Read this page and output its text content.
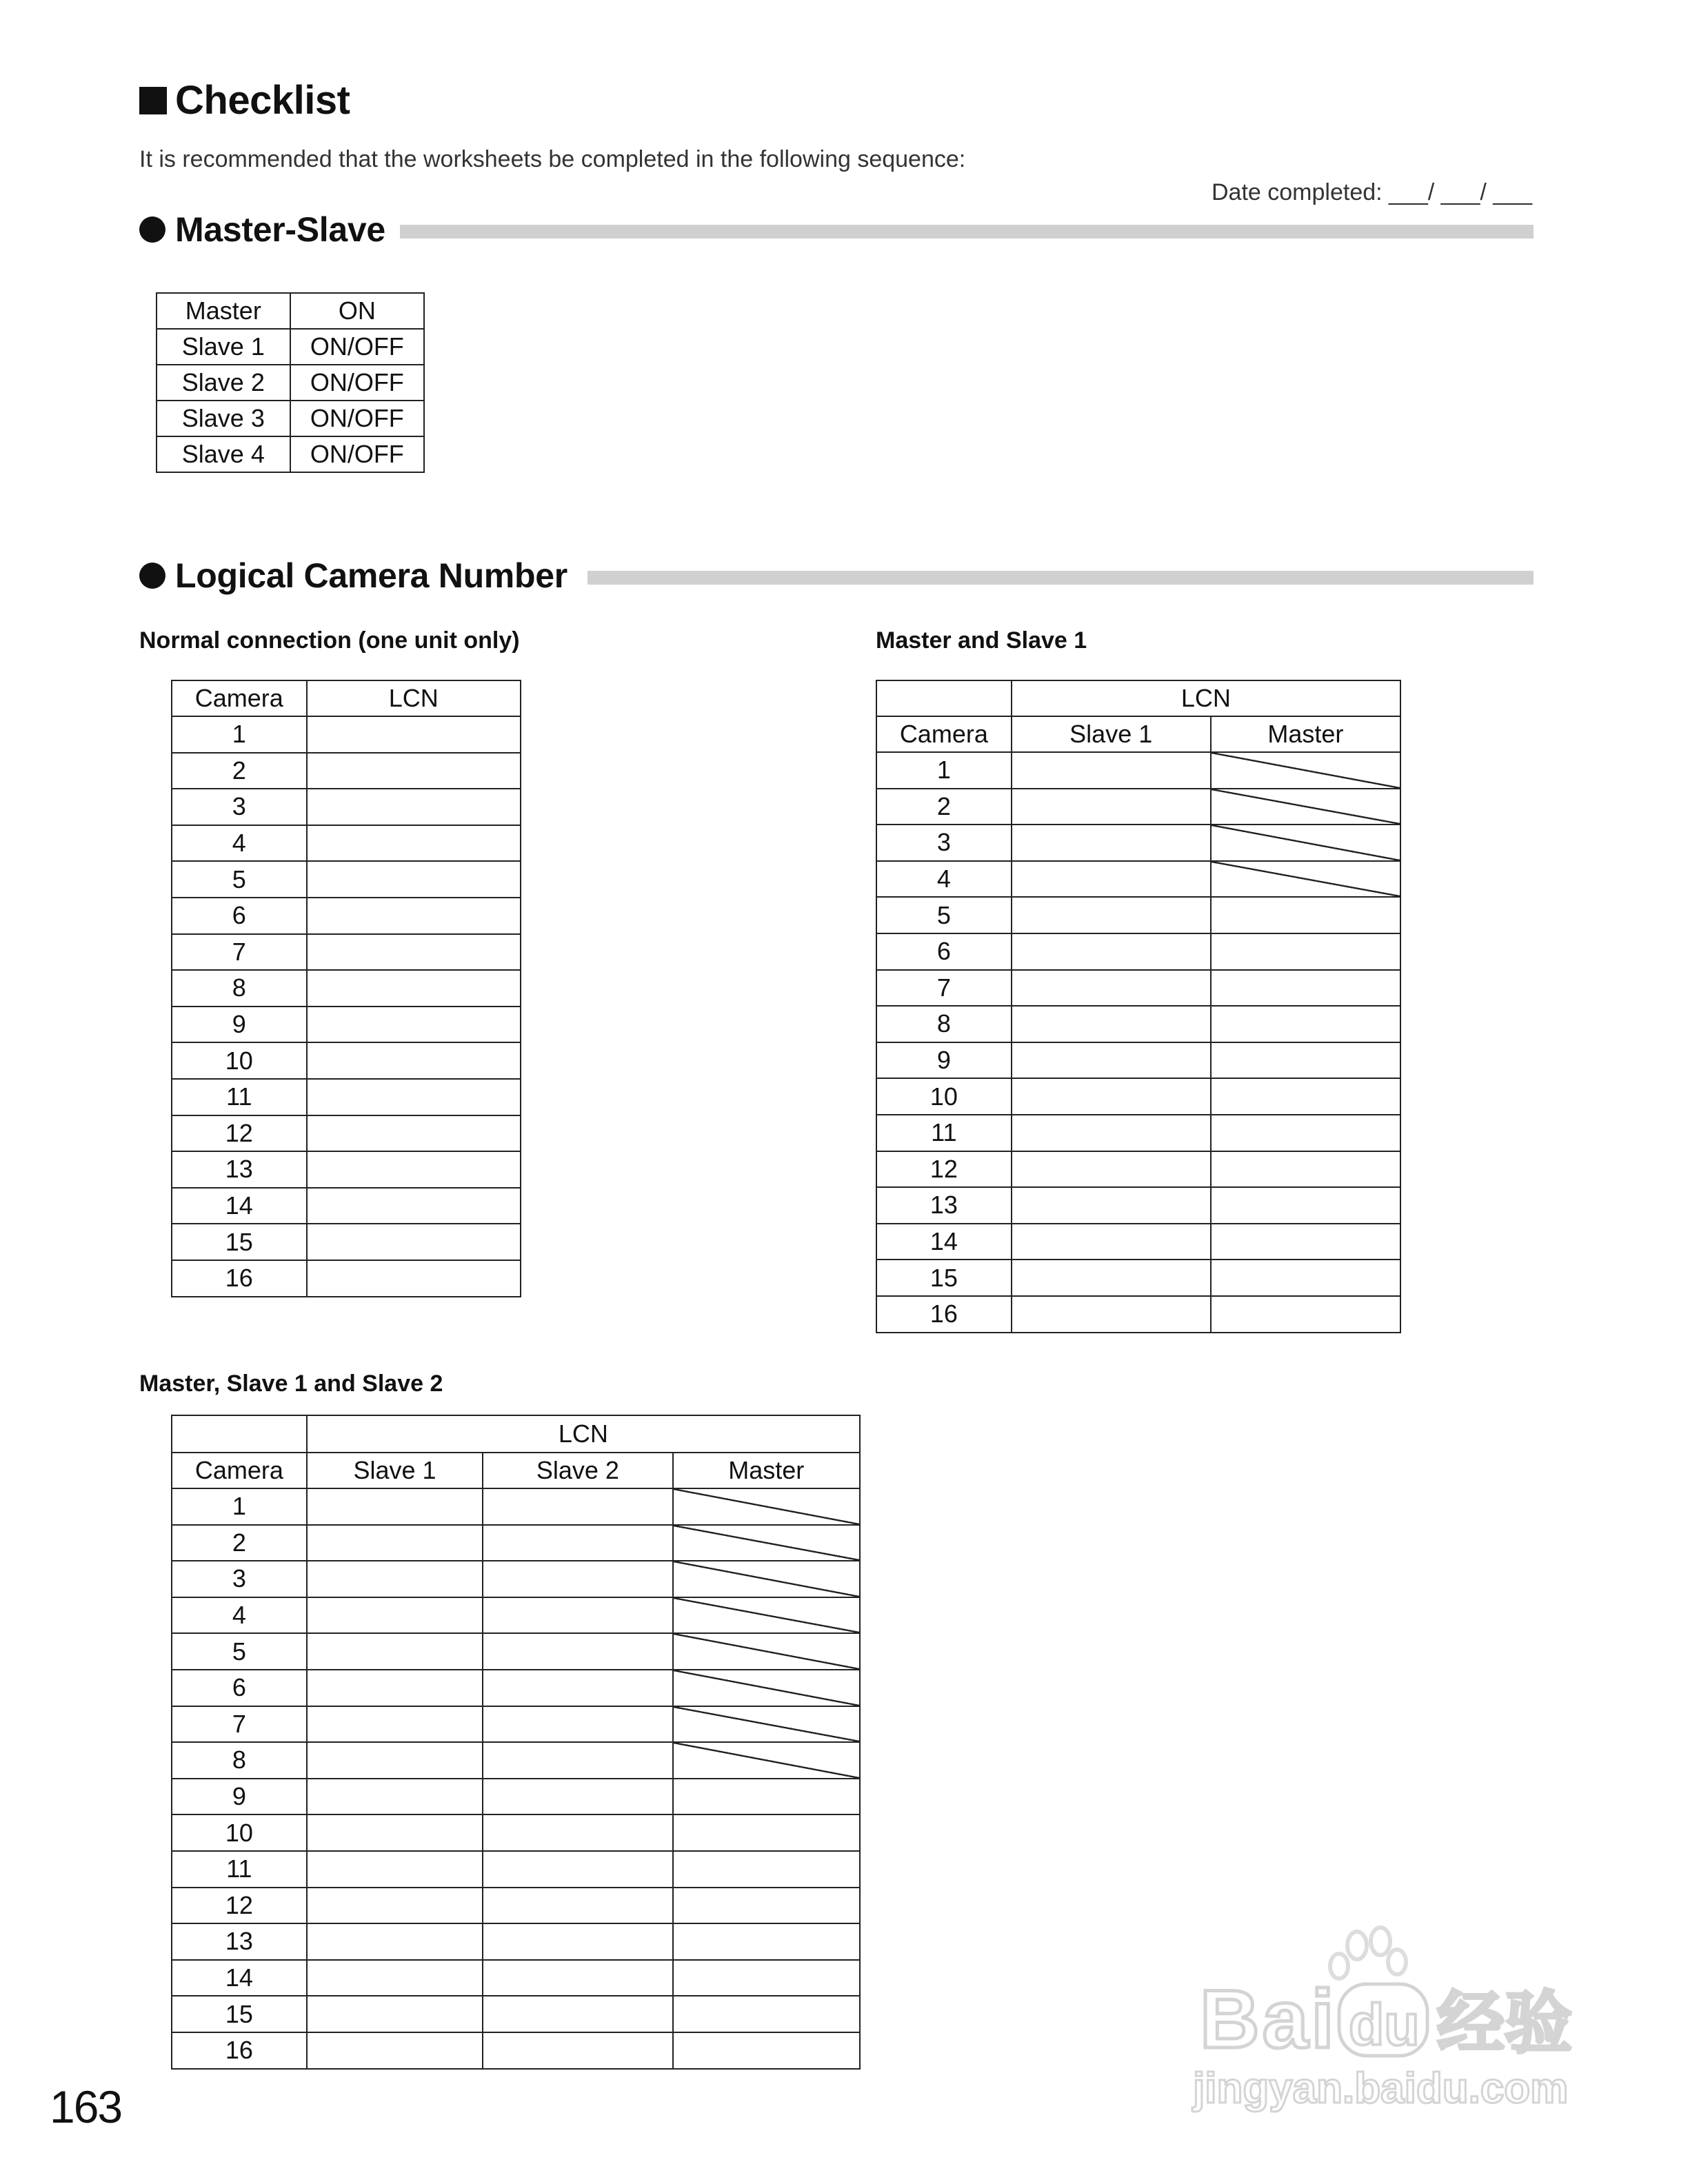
Checklist
It is recommended that the worksheets be completed in the following sequence:
Date completed: ___/ ___/ ___
Master-Slave
Master	ON
Slave 1	ON/OFF
Slave 2	ON/OFF
Slave 3	ON/OFF
Slave 4	ON/OFF
Logical Camera Number
Normal connection (one unit only)	Master and Slave 1
Master, Slave 1 and Slave 2
Camera	LCN
1	
2	
3	
4	
5	
6	
7	
8	
9	
10	
11	
12	
13	
14	
15	
16	
	LCN	
Camera	Slave 1	Master
1		
2		
3		
4		
5		
6		
7		
8		
9		
10		
11		
12		
13		
14		
15		
16		
	LCN		
Camera	Slave 1	Slave 2	Master
1			
2			
3			
4			
5			
6			
7			
8			
9			
10			
11			
12			
13			
14			
15			
16			
163
Bai du 经验
jingyan.baidu.com
